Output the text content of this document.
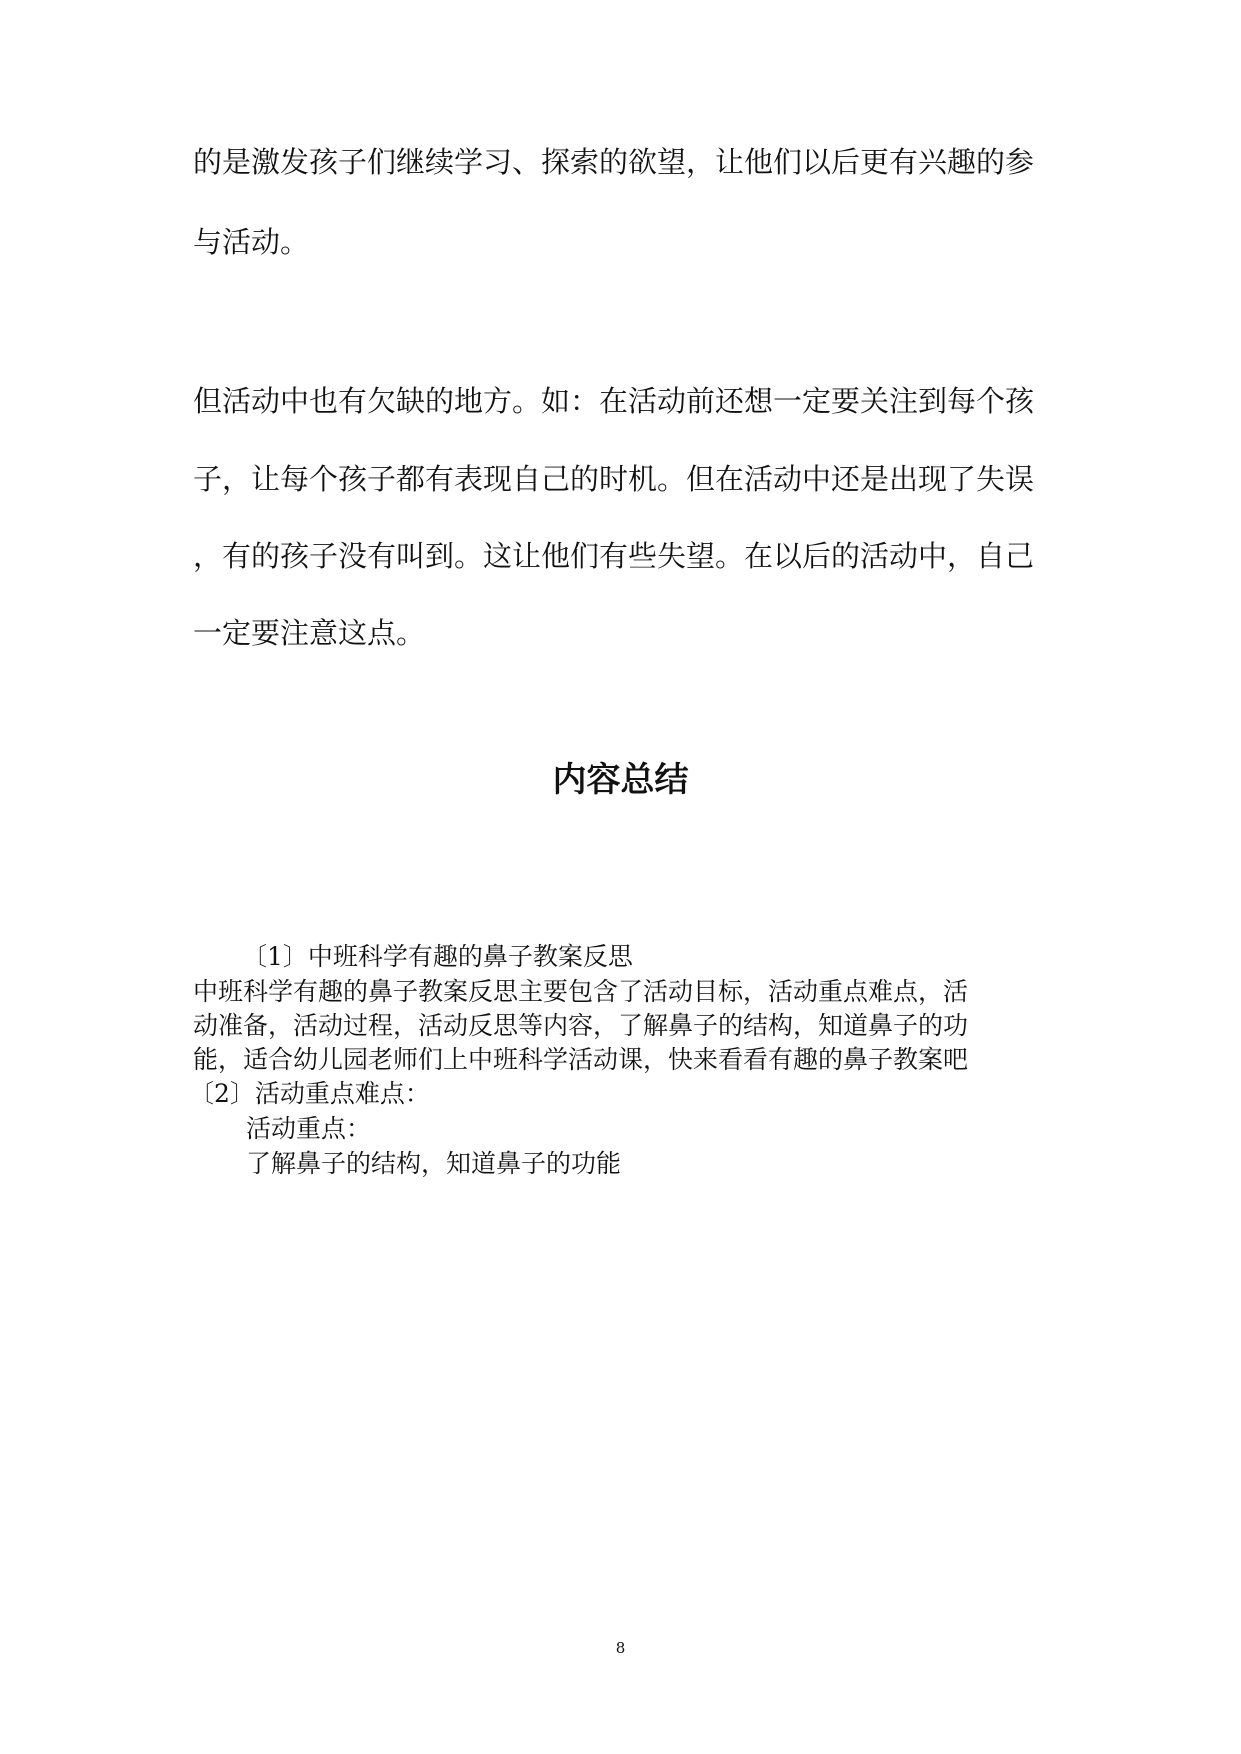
的是激发孩子们继续学习、探索的欲望，让他们以后更有兴趣的参
与活动。
但活动中也有欠缺的地方。如：在活动前还想一定要关注到每个孩
子，让每个孩子都有表现自己的时机。但在活动中还是出现了失误
，有的孩子没有叫到。这让他们有些失望。在以后的活动中，自己
一定要注意这点。
内容总结
〔1〕中班科学有趣的鼻子教案反思
中班科学有趣的鼻子教案反思主要包含了活动目标，活动重点难点，活
动准备，活动过程，活动反思等内容，了解鼻子的结构，知道鼻子的功
能，适合幼儿园老师们上中班科学活动课，快来看看有趣的鼻子教案吧
〔2〕活动重点难点：
活动重点：
了解鼻子的结构，知道鼻子的功能
8
